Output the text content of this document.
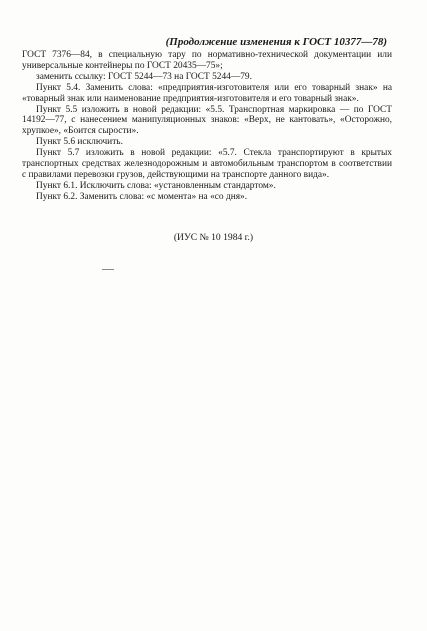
(Продолжение изменения к ГОСТ 10377—78)

ГОСТ 7376—84, в специальную тару по нормативно-технической документации или универсальные контейнеры по ГОСТ 20435—75»;

заменить ссылку: ГОСТ 5244—73 на ГОСТ 5244—79.

Пункт 5.4. Заменить слова: «предприятия-изготовителя или его товарный знак» на «товарный знак или наименование предприятия-изготовителя и его товарный знак».

Пункт 5.5 изложить в новой редакции: «5.5. Транспортная маркировка — по ГОСТ 14192—77, с нанесением манипуляционных знаков: «Верх, не кантовать», «Осторожно, хрупкое», «Боится сырости».

Пункт 5.6 исключить.

Пункт 5.7 изложить в новой редакции: «5.7. Стекла транспортируют в крытых транспортных средствах железнодорожным и автомобильным транспортом в соответствии с правилами перевозки грузов, действующими на транспорте данного вида».

Пункт 6.1. Исключить слова: «установленным стандартом».

Пункт 6.2. Заменить слова: «с момента» на «со дня».

(ИУС № 10 1984 г.)
